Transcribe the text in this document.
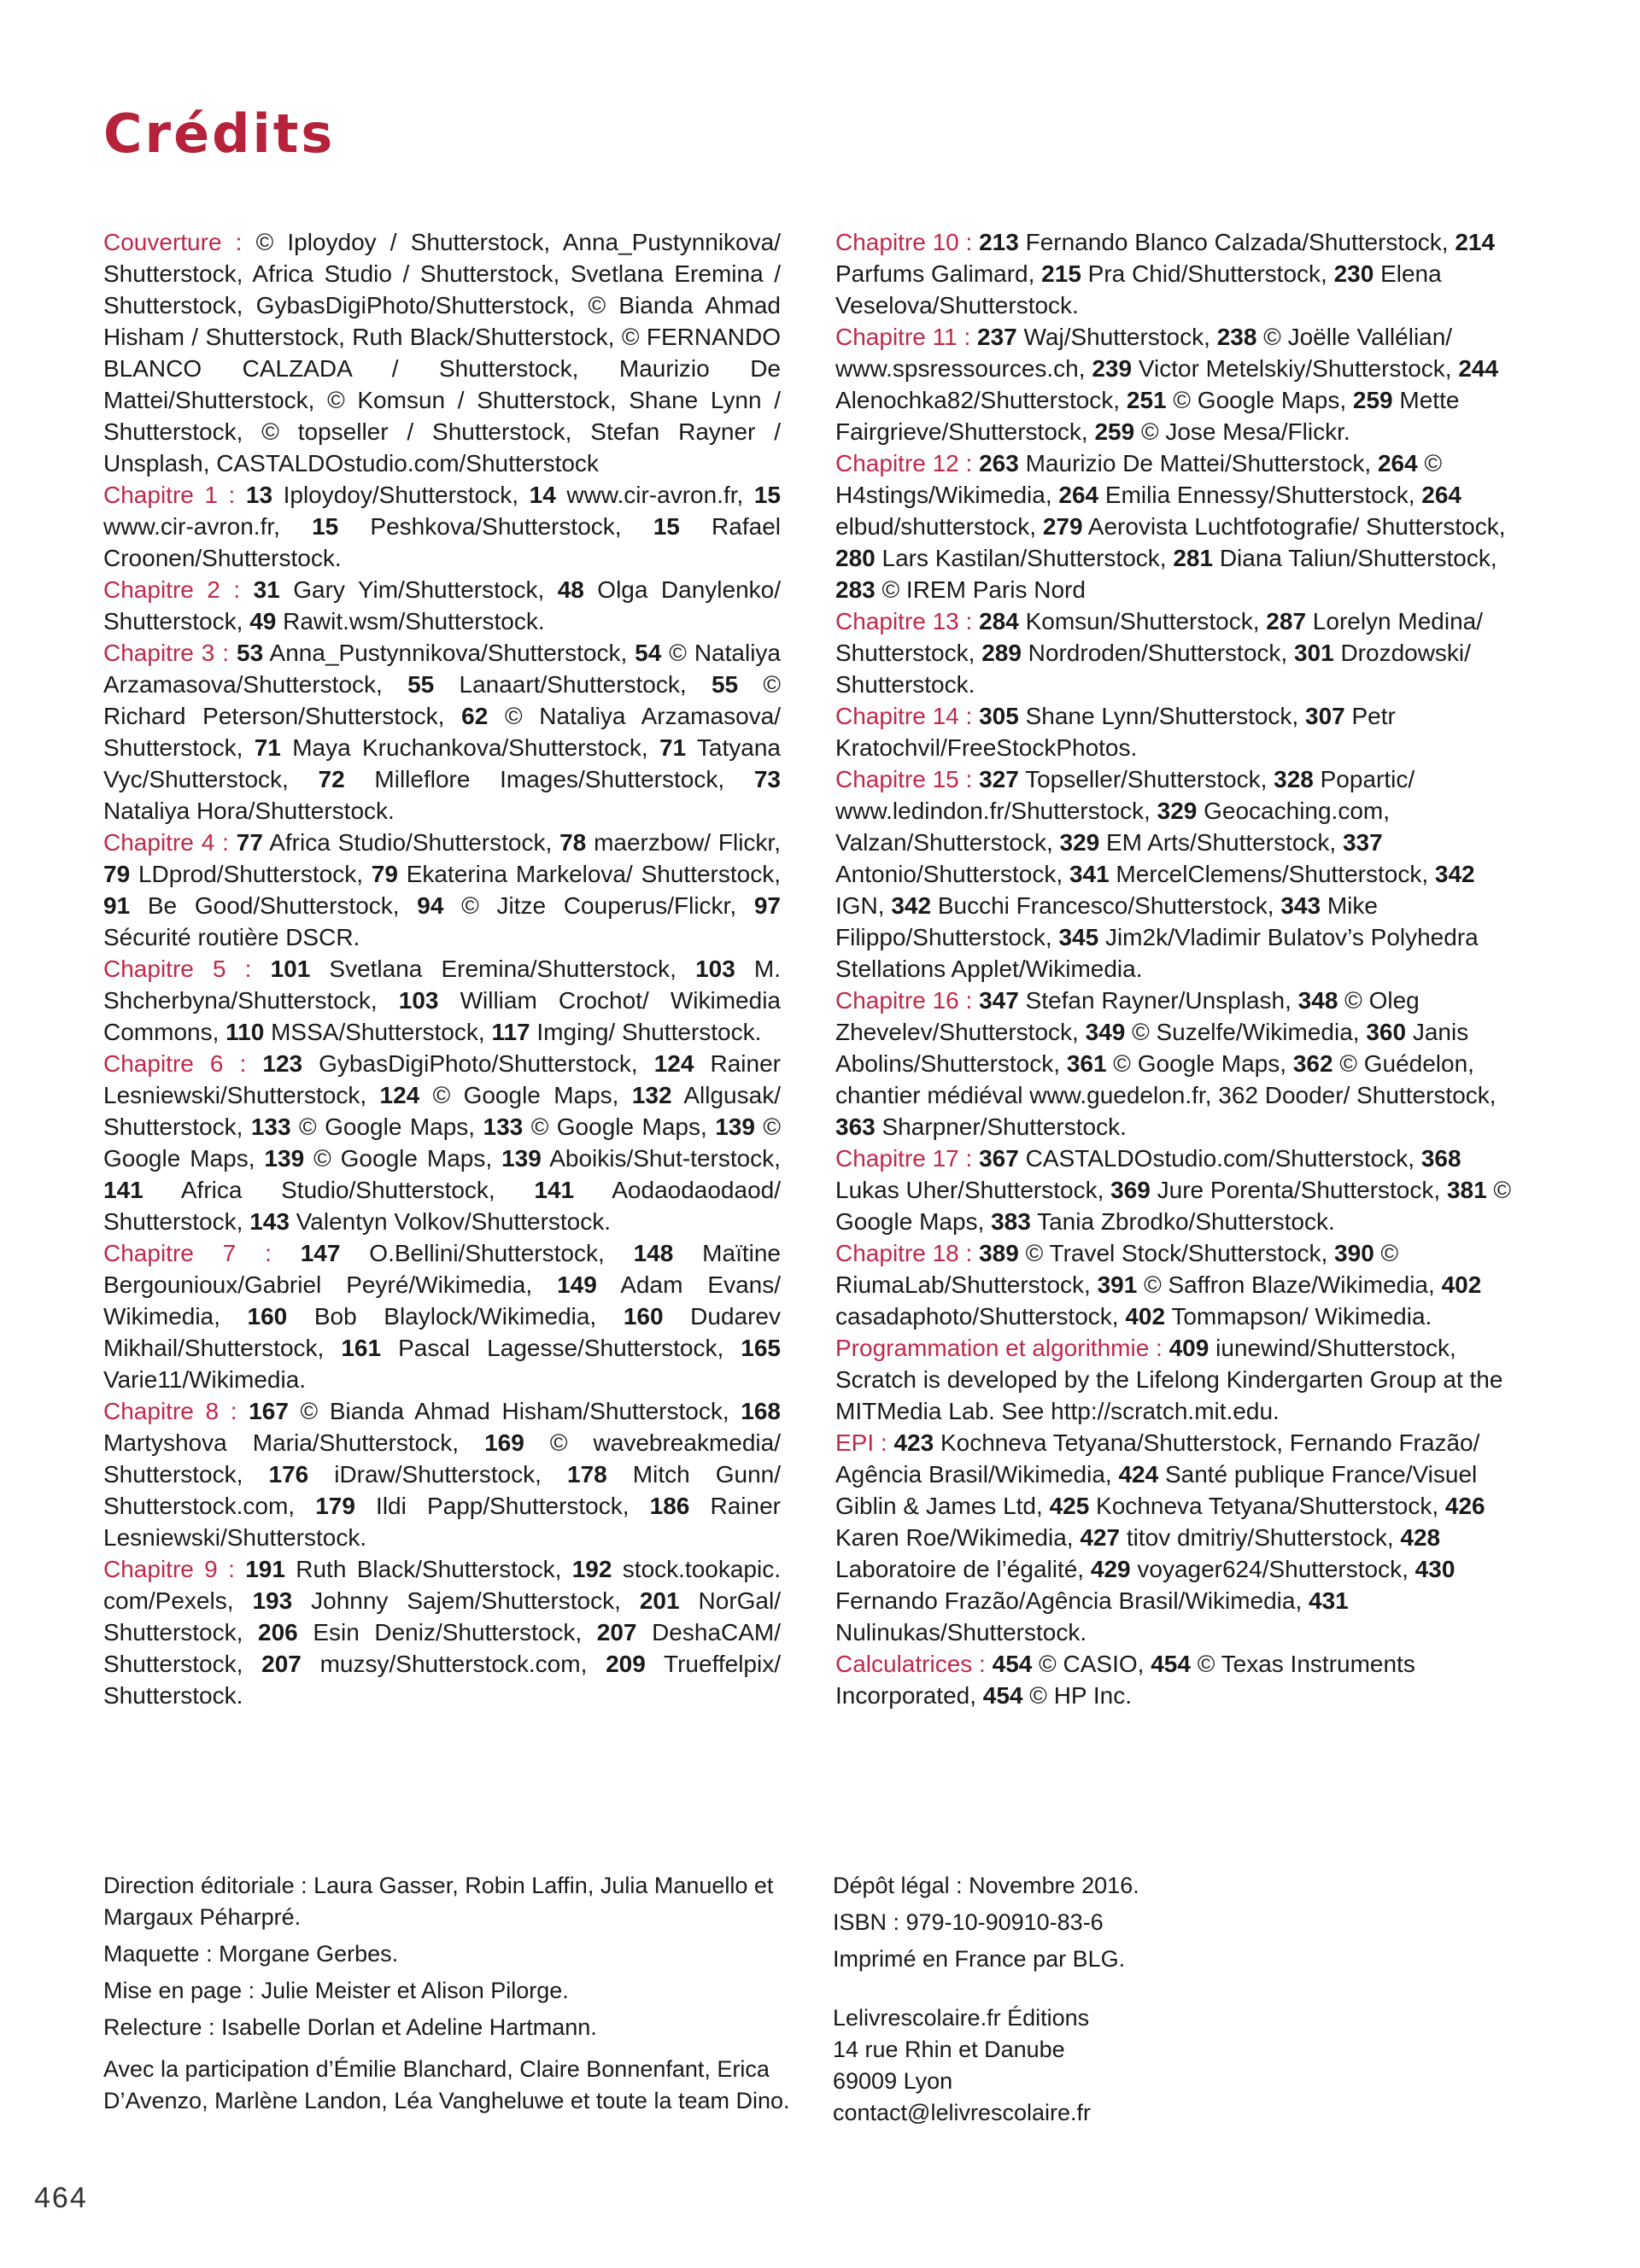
Crédits

Couverture : © Iploydoy / Shutterstock, Anna_Pustynnikova/ Shutterstock, Africa Studio / Shutterstock, Svetlana Eremina / Shutterstock, GybasDigiPhoto/Shutterstock, © Bianda Ahmad Hisham / Shutterstock, Ruth Black/Shutterstock, © FERNANDO BLANCO CALZADA / Shutterstock, Maurizio De Mattei/Shutterstock, © Komsun / Shutterstock, Shane Lynn / Shutterstock, © topseller / Shutterstock, Stefan Rayner / Unsplash, CASTALDOstudio.com/Shutterstock

Chapitre 1 : 13 Iploydoy/Shutterstock, 14 www.cir-avron.fr, 15 www.cir-avron.fr, 15 Peshkova/Shutterstock, 15 Rafael Croonen/Shutterstock.

Chapitre 2 : 31 Gary Yim/Shutterstock, 48 Olga Danylenko/ Shutterstock, 49 Rawit.wsm/Shutterstock.

Chapitre 3 : 53 Anna_Pustynnikova/Shutterstock, 54 © Nataliya Arzamasova/Shutterstock, 55 Lanaart/Shutterstock, 55 © Richard Peterson/Shutterstock, 62 © Nataliya Arzamasova/ Shutterstock, 71 Maya Kruchankova/Shutterstock, 71 Tatyana Vyc/Shutterstock, 72 Milleflore Images/Shutterstock, 73 Nataliya Hora/Shutterstock.

Chapitre 4 : 77 Africa Studio/Shutterstock, 78 maerzbow/ Flickr, 79 LDprod/Shutterstock, 79 Ekaterina Markelova/ Shutterstock, 91 Be Good/Shutterstock, 94 © Jitze Couperus/Flickr, 97 Sécurité routière DSCR.

Chapitre 5 : 101 Svetlana Eremina/Shutterstock, 103 M. Shcherbyna/Shutterstock, 103 William Crochot/ Wikimedia Commons, 110 MSSA/Shutterstock, 117 Imging/ Shutterstock.

Chapitre 6 : 123 GybasDigiPhoto/Shutterstock, 124 Rainer Lesniewski/Shutterstock, 124 © Google Maps, 132 Allgusak/ Shutterstock, 133 © Google Maps, 133 © Google Maps, 139 © Google Maps, 139 © Google Maps, 139 Aboikis/Shut-terstock, 141 Africa Studio/Shutterstock, 141 Aodaodaodaod/ Shutterstock, 143 Valentyn Volkov/Shutterstock.

Chapitre 7 : 147 O.Bellini/Shutterstock, 148 Maïtine Bergounioux/Gabriel Peyré/Wikimedia, 149 Adam Evans/ Wikimedia, 160 Bob Blaylock/Wikimedia, 160 Dudarev Mikhail/Shutterstock, 161 Pascal Lagesse/Shutterstock, 165 Varie11/Wikimedia.

Chapitre 8 : 167 © Bianda Ahmad Hisham/Shutterstock, 168 Martyshova Maria/Shutterstock, 169 © wavebreakmedia/ Shutterstock, 176 iDraw/Shutterstock, 178 Mitch Gunn/ Shutterstock.com, 179 Ildi Papp/Shutterstock, 186 Rainer Lesniewski/Shutterstock.

Chapitre 9 : 191 Ruth Black/Shutterstock, 192 stock.tookapic. com/Pexels, 193 Johnny Sajem/Shutterstock, 201 NorGal/ Shutterstock, 206 Esin Deniz/Shutterstock, 207 DeshaCAM/ Shutterstock, 207 muzsy/Shutterstock.com, 209 Trueffelpix/ Shutterstock.

Chapitre 10 : 213 Fernando Blanco Calzada/Shutterstock, 214 Parfums Galimard, 215 Pra Chid/Shutterstock, 230 Elena Veselova/Shutterstock.

Chapitre 11 : 237 Waj/Shutterstock, 238 © Joëlle Vallélian/ www.spsressources.ch, 239 Victor Metelskiy/Shutterstock, 244 Alenochka82/Shutterstock, 251 © Google Maps, 259 Mette Fairgrieve/Shutterstock, 259 © Jose Mesa/Flickr.

Chapitre 12 : 263 Maurizio De Mattei/Shutterstock, 264 © H4stings/Wikimedia, 264 Emilia Ennessy/Shutterstock, 264 elbud/shutterstock, 279 Aerovista Luchtfotografie/ Shutterstock, 280 Lars Kastilan/Shutterstock, 281 Diana Taliun/Shutterstock, 283 © IREM Paris Nord

Chapitre 13 : 284 Komsun/Shutterstock, 287 Lorelyn Medina/ Shutterstock, 289 Nordroden/Shutterstock, 301 Drozdowski/ Shutterstock.

Chapitre 14 : 305 Shane Lynn/Shutterstock, 307 Petr Kratochvil/FreeStockPhotos.

Chapitre 15 : 327 Topseller/Shutterstock, 328 Popartic/ www.ledindon.fr/Shutterstock, 329 Geocaching.com, Valzan/Shutterstock, 329 EM Arts/Shutterstock, 337 Antonio/Shutterstock, 341 MercelClemens/Shutterstock, 342 IGN, 342 Bucchi Francesco/Shutterstock, 343 Mike Filippo/Shutterstock, 345 Jim2k/Vladimir Bulatov’s Polyhedra Stellations Applet/Wikimedia.

Chapitre 16 : 347 Stefan Rayner/Unsplash, 348 © Oleg Zhevelev/Shutterstock, 349 © Suzelfe/Wikimedia, 360 Janis Abolins/Shutterstock, 361 © Google Maps, 362 © Guédelon, chantier médiéval www.guedelon.fr, 362 Dooder/ Shutterstock, 363 Sharpner/Shutterstock.

Chapitre 17 : 367 CASTALDOstudio.com/Shutterstock, 368 Lukas Uher/Shutterstock, 369 Jure Porenta/Shutterstock, 381 © Google Maps, 383 Tania Zbrodko/Shutterstock.

Chapitre 18 : 389 © Travel Stock/Shutterstock, 390 © RiumaLab/Shutterstock, 391 © Saffron Blaze/Wikimedia, 402 casadaphoto/Shutterstock, 402 Tommapson/ Wikimedia.

Programmation et algorithmie : 409 iunewind/Shutterstock, Scratch is developed by the Lifelong Kindergarten Group at the MITMedia Lab. See http://scratch.mit.edu.

EPI : 423 Kochneva Tetyana/Shutterstock, Fernando Frazão/ Agência Brasil/Wikimedia, 424 Santé publique France/Visuel Giblin & James Ltd, 425 Kochneva Tetyana/Shutterstock, 426 Karen Roe/Wikimedia, 427 titov dmitriy/Shutterstock, 428 Laboratoire de l’égalité, 429 voyager624/Shutterstock, 430 Fernando Frazão/Agência Brasil/Wikimedia, 431 Nulinukas/Shutterstock.

Calculatrices : 454 © CASIO, 454 © Texas Instruments Incorporated, 454 © HP Inc.

Direction éditoriale : Laura Gasser, Robin Laffin, Julia Manuello et Margaux Péharpré.

Maquette : Morgane Gerbes.

Mise en page : Julie Meister et Alison Pilorge.

Relecture : Isabelle Dorlan et Adeline Hartmann.

Avec la participation d’Émilie Blanchard, Claire Bonnenfant, Erica D’Avenzo, Marlène Landon, Léa Vangheluwe et toute la team Dino.

Dépôt légal : Novembre 2016.

ISBN : 979-10-90910-83-6

Imprimé en France par BLG.

Lelivrescolaire.fr Éditions

14 rue Rhin et Danube

69009 Lyon

contact@lelivrescolaire.fr

464
